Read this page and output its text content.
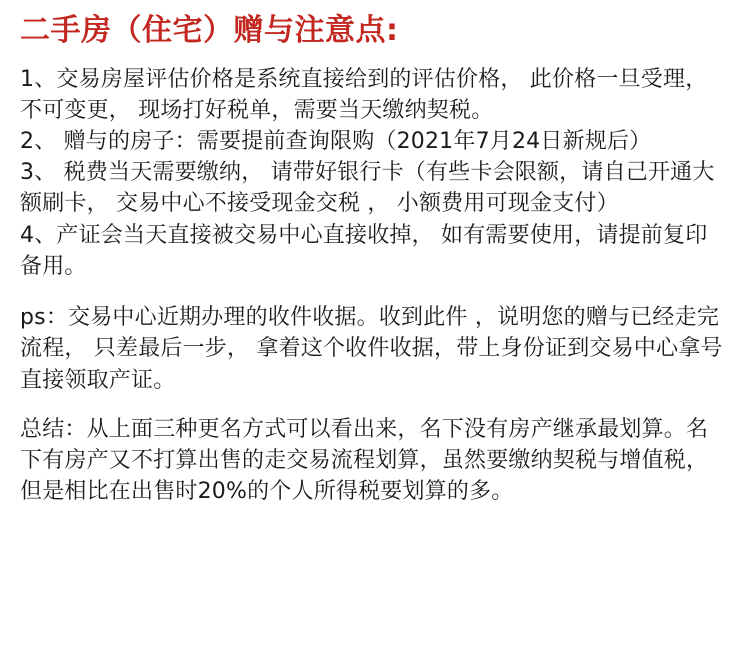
二手房（住宅）赠与注意点:

1、交易房屋评估价格是系统直接给到的评估价格， 此价格一旦受理， 不可变更， 现场打好税单，需要当天缴纳契税。

2、 赠与的房子：需要提前查询限购（2021年7月24日新规后）

3、 税费当天需要缴纳， 请带好银行卡（有些卡会限额，请自己开通大额刷卡， 交易中心不接受现金交税 ， 小额费用可现金支付）

4、产证会当天直接被交易中心直接收掉， 如有需要使用，请提前复印备用。

ps：交易中心近期办理的收件收据。收到此件 ，说明您的赠与已经走完流程， 只差最后一步， 拿着这个收件收据，带上身份证到交易中心拿号直接领取产证。

总结：从上面三种更名方式可以看出来，名下没有房产继承最划算。名下有房产又不打算出售的走交易流程划算，虽然要缴纳契税与增值税，但是相比在出售时20%的个人所得税要划算的多。
